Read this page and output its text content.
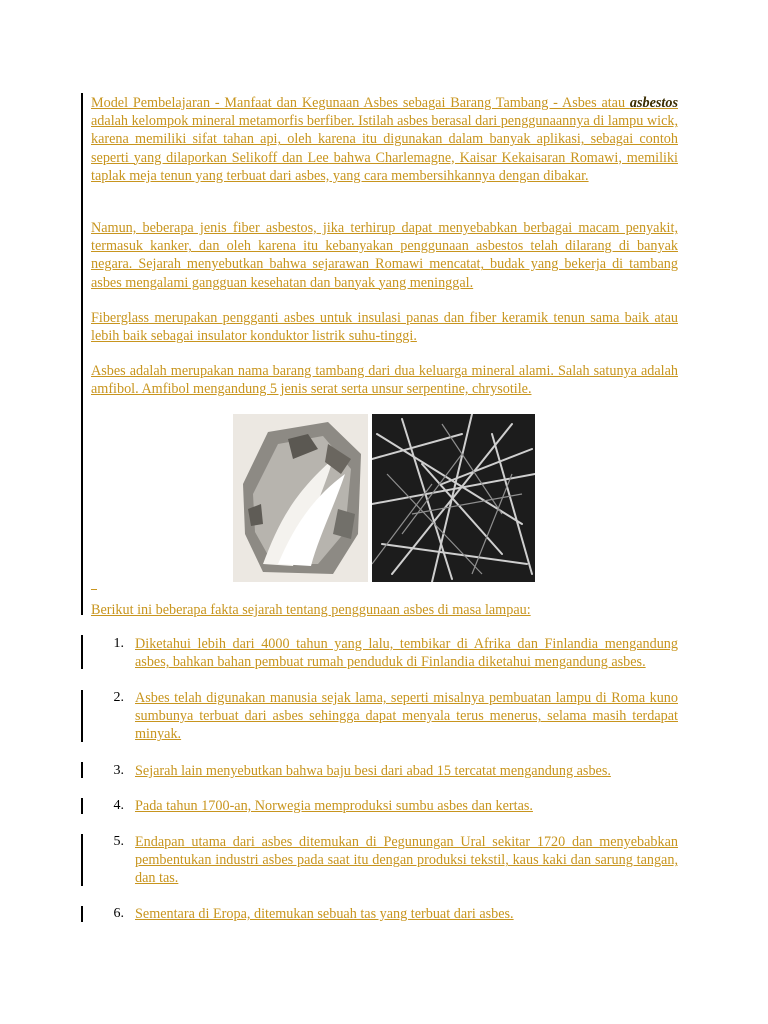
Model Pembelajaran - Manfaat dan Kegunaan Asbes sebagai Barang Tambang - Asbes atau asbestos adalah kelompok mineral metamorfis berfiber. Istilah asbes berasal dari penggunaannya di lampu wick, karena memiliki sifat tahan api, oleh karena itu digunakan dalam banyak aplikasi, sebagai contoh seperti yang dilaporkan Selikoff dan Lee bahwa Charlemagne, Kaisar Kekaisaran Romawi, memiliki taplak meja tenun yang terbuat dari asbes, yang cara membersihkannya dengan dibakar.

Namun, beberapa jenis fiber asbestos, jika terhirup dapat menyebabkan berbagai macam penyakit, termasuk kanker, dan oleh karena itu kebanyakan penggunaan asbestos telah dilarang di banyak negara. Sejarah menyebutkan bahwa sejarawan Romawi mencatat, budak yang bekerja di tambang asbes mengalami gangguan kesehatan dan banyak yang meninggal.

Fiberglass merupakan pengganti asbes untuk insulasi panas dan fiber keramik tenun sama baik atau lebih baik sebagai insulator konduktor listrik suhu-tinggi.

Asbes adalah merupakan nama barang tambang dari dua keluarga mineral alami. Salah satunya adalah amfibol. Amfibol mengandung 5 jenis serat serta unsur serpentine, chrysotile.

Berikut ini beberapa fakta sejarah tentang penggunaan asbes di masa lampau:

1. Diketahui lebih dari 4000 tahun yang lalu, tembikar di Afrika dan Finlandia mengandung asbes, bahkan bahan pembuat rumah penduduk di Finlandia diketahui mengandung asbes.
2. Asbes telah digunakan manusia sejak lama, seperti misalnya pembuatan lampu di Roma kuno sumbunya terbuat dari asbes sehingga dapat menyala terus menerus, selama masih terdapat minyak.
3. Sejarah lain menyebutkan bahwa baju besi dari abad 15 tercatat mengandung asbes.
4. Pada tahun 1700-an, Norwegia memproduksi sumbu asbes dan kertas.
5. Endapan utama dari asbes ditemukan di Pegunungan Ural sekitar 1720 dan menyebabkan pembentukan industri asbes pada saat itu dengan produksi tekstil, kaus kaki dan sarung tangan, dan tas.
6. Sementara di Eropa, ditemukan sebuah tas yang terbuat dari asbes.
